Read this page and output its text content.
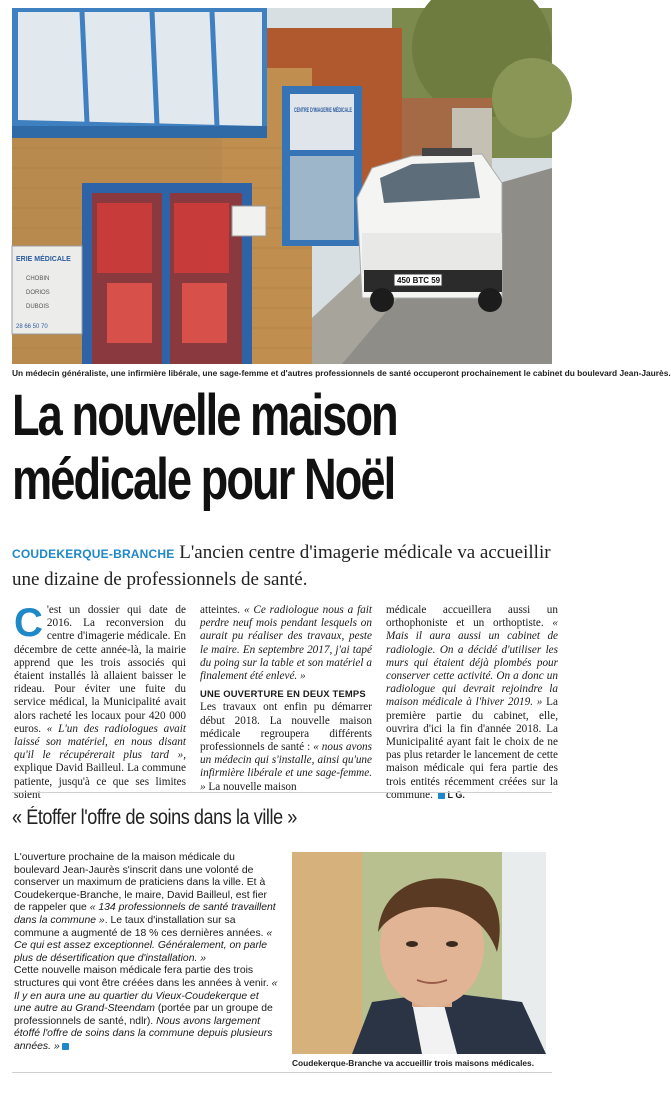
ERIE MÉDICALE
CHOBIN
DORIOS
DUBOIS
28 66 50 70
CENTRE D'IMAGERIE MÉDICALE
450 BTC 59
Un médecin généraliste, une infirmière libérale, une sage-femme et d'autres professionnels de santé occuperont prochainement le cabinet du boulevard Jean-Jaurès.
La nouvelle maison
médicale pour Noël
COUDEKERQUE-BRANCHE L'ancien centre d'imagerie médicale va accueillir une dizaine de professionnels de santé.

C 'est un dossier qui date de 2016. La reconversion du centre d'imagerie médicale. En décembre de cette année-là, la mairie apprend que les trois associés qui étaient installés là allaient baisser le rideau. Pour éviter une fuite du service médical, la Municipalité avait alors racheté les locaux pour 420 000 euros. « L'un des radiologues avait laissé son matériel, en nous disant qu'il le récupérerait plus tard », explique David Bailleul. La commune patiente, jusqu'à ce que ses limites soient

atteintes. « Ce radiologue nous a fait perdre neuf mois pendant lesquels on aurait pu réaliser des travaux, peste le maire. En septembre 2017, j'ai tapé du poing sur la table et son matériel a finalement été enlevé. »

UNE OUVERTURE EN DEUX TEMPS

Les travaux ont enfin pu démarrer début 2018. La nouvelle maison médicale regroupera différents professionnels de santé : « nous avons un médecin qui s'installe, ainsi qu'une infirmière libérale et une sage-femme. » La nouvelle maison

médicale accueillera aussi un orthophoniste et un orthoptiste. « Mais il aura aussi un cabinet de radiologie. On a décidé d'utiliser les murs qui étaient déjà plombés pour conserver cette activité. On a donc un radiologue qui devrait rejoindre la maison médicale à l'hiver 2019. » La première partie du cabinet, elle, ouvrira d'ici la fin d'année 2018. La Municipalité ayant fait le choix de ne pas plus retarder le lancement de cette maison médicale qui fera partie des trois entités récemment créées sur la commune.  L G.

« Étoffer l'offre de soins dans la ville »

L'ouverture prochaine de la maison médicale du boulevard Jean-Jaurès s'inscrit dans une volonté de conserver un maximum de praticiens dans la ville. Et à Coudekerque-Branche, le maire, David Bailleul, est fier de rappeler que « 134 professionnels de santé travaillent dans la commune ». Le taux d'installation sur sa commune a augmenté de 18 % ces dernières années. « Ce qui est assez exceptionnel. Généralement, on parle plus de désertification que d'installation. »

Cette nouvelle maison médicale fera partie des trois structures qui vont être créées dans les années à venir. « Il y en aura une au quartier du Vieux-Coudekerque et une autre au Grand-Steendam (portée par un groupe de professionnels de santé, ndlr). Nous avons largement étoffé l'offre de soins dans la commune depuis plusieurs années. »

Coudekerque-Branche va accueillir trois maisons médicales.
